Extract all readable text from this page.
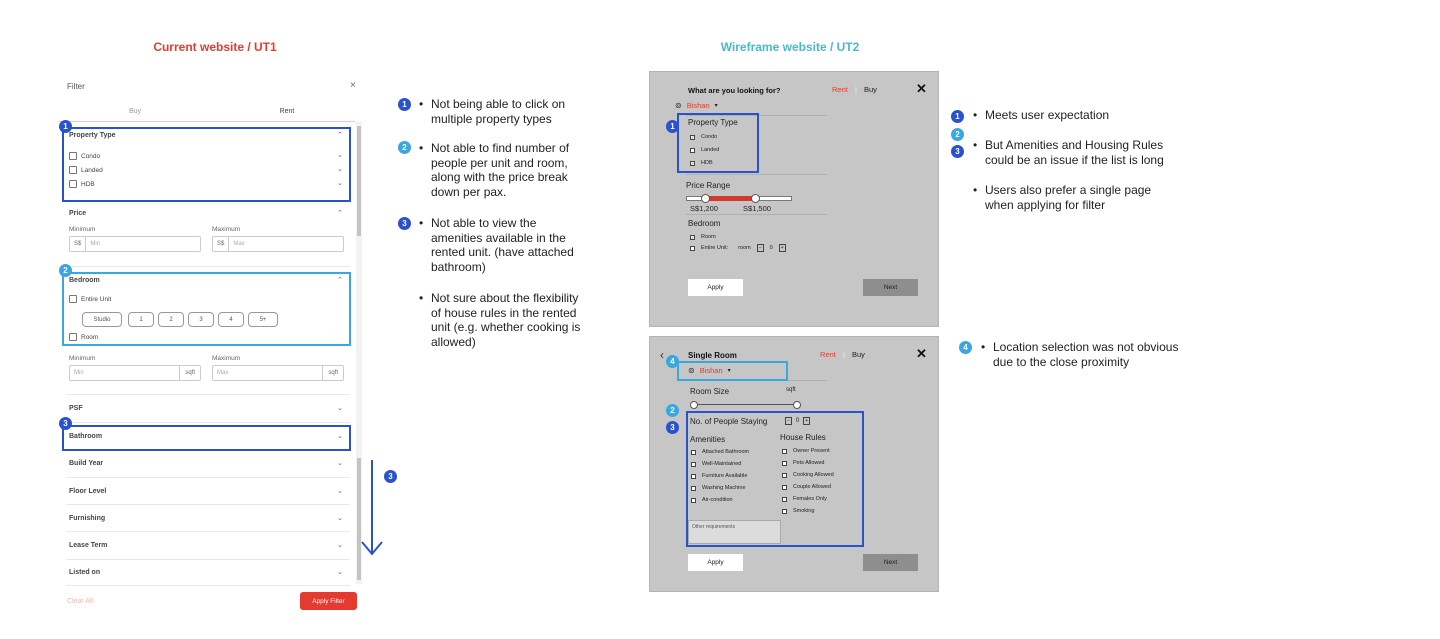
Current website / UT1	Wireframe website / UT2
Filter	×
Buy	Rent
Property Type	⌃
Condo	⌄
Landed	⌄
HDB	⌄
Price	⌃
Minimum	Maximum
S$	Min	S$	Max
Bedroom	⌃
Entire Unit
Studio	1	2	3	4	5+
Room
Minimum	Maximum
Min	sqft	Max	sqft
PSF	⌄
Bathroom	⌄
Build Year	⌄
Floor Level	⌄
Furnishing	⌄
Lease Term	⌄
Listed on	⌄
Clear All	Apply Filter
1
2
3
3
1	• Not being able to click on
multiple property types
2	• Not able to find number of
people per unit and room,
along with the price break
down per pax.
3	• Not able to view the
amenities available in the
rented unit. (have attached
bathroom)
• Not sure about the flexibility
of house rules in the rented
unit (e.g. whether cooking is
allowed)
What are you looking for?	Rent | Buy	✕
⊚ Bishan ▾
Property Type
✓ Condo
Landed
✓ HDB
Price Range
S$1,200	S$1,500
Bedroom
✓ Room
Entire Unit: room	−	0	+
Apply	Next
1
‹	Single Room	Rent | Buy	✕
⊚ Bishan ▾
Room Size	sqft
No. of People Staying	−	0	+
Amenities	House Rules
Attached Bathroom
Well-Maintained
Furniture Available
Washing Machine
Air-condition
Owner Present
Pets Allowed
Cooking Allowed
Couple Allowed
Females Only
Smoking
Other requirements
Apply	Next
4
2
3
1	• Meets user expectation
2
3	• But Amenities and Housing Rules
could be an issue if the list is long
• Users also prefer a single page
when applying for filter
4	• Location selection was not obvious
due to the close proximity
